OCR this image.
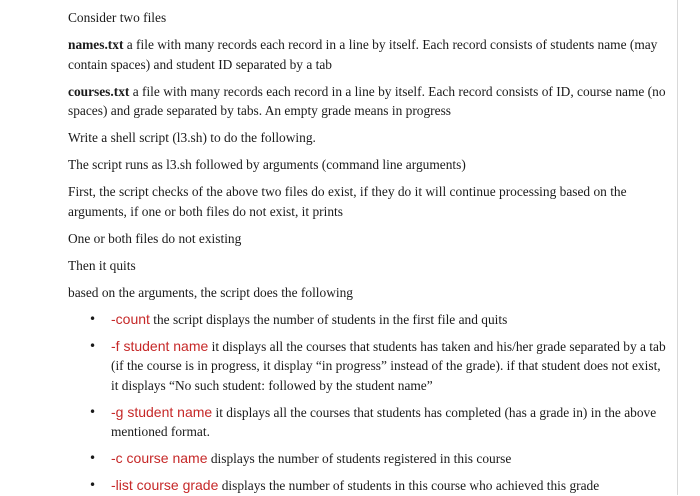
Consider two files

names.txt a file with many records each record in a line by itself. Each record consists of students name (may contain spaces) and student ID separated by a tab

courses.txt a file with many records each record in a line by itself. Each record consists of ID, course name (no spaces) and grade separated by tabs. An empty grade means in progress

Write a shell script (l3.sh) to do the following.

The script runs as l3.sh followed by arguments (command line arguments)

First, the script checks of the above two files do exist, if they do it will continue processing based on the arguments, if one or both files do not exist, it prints

One or both files do not existing

Then it quits

based on the arguments, the script does the following

• -count the script displays the number of students in the first file and quits
• -f student name it displays all the courses that students has taken and his/her grade separated by a tab (if the course is in progress, it display “in progress” instead of the grade). if that student does not exist, it displays “No such student: followed by the student name”
• -g student name it displays all the courses that students has completed (has a grade in) in the above mentioned format.
• -c course name displays the number of students registered in this course
• -list course grade displays the number of students in this course who achieved this grade
